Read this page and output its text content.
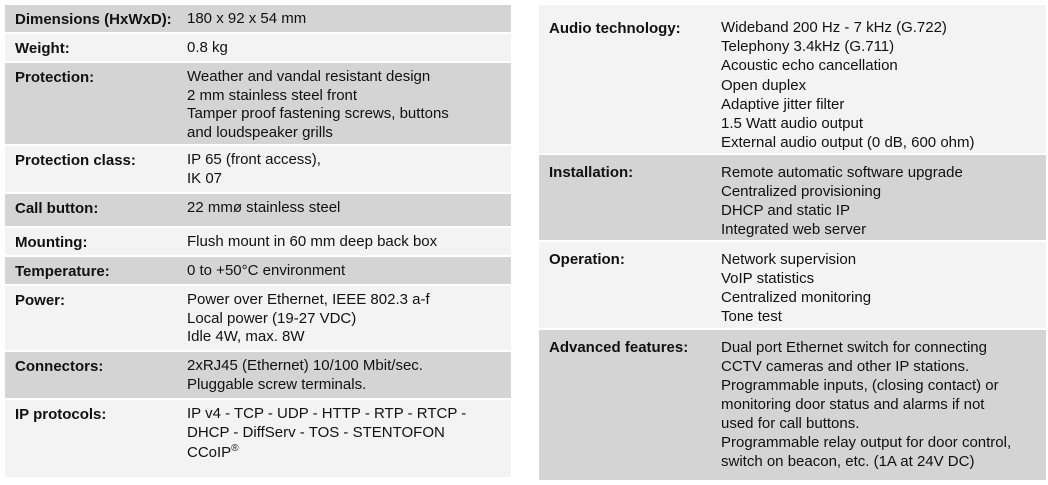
Dimensions (HxWxD): 180 x 92 x 54 mm
Weight:	0.8 kg
Protection:	Weather and vandal resistant design
2 mm stainless steel front
Tamper proof fastening screws, buttons
and loudspeaker grills
Protection class:	IP 65 (front access),
IK 07
Call button:	22 mmø stainless steel
Mounting:	Flush mount in 60 mm deep back box
Temperature:	0 to +50°C environment
Power:	Power over Ethernet, IEEE 802.3 a-f
Local power (19-27 VDC)
Idle 4W, max. 8W
Connectors:	2xRJ45 (Ethernet) 10/100 Mbit/sec.
Pluggable screw terminals.
IP protocols:	IP v4 - TCP - UDP - HTTP - RTP - RTCP -
DHCP - DiffServ - TOS - STENTOFON
CCoIP®
Audio technology:	Wideband 200 Hz - 7 kHz (G.722)
Telephony 3.4kHz (G.711)
Acoustic echo cancellation
Open duplex
Adaptive jitter filter
1.5 Watt audio output
External audio output (0 dB, 600 ohm)
Installation:	Remote automatic software upgrade
Centralized provisioning
DHCP and static IP
Integrated web server
Operation:	Network supervision
VoIP statistics
Centralized monitoring
Tone test
Advanced features: Dual port Ethernet switch for connecting
CCTV cameras and other IP stations.
Programmable inputs, (closing contact) or
monitoring door status and alarms if not
used for call buttons.
Programmable relay output for door control,
switch on beacon, etc. (1A at 24V DC)
